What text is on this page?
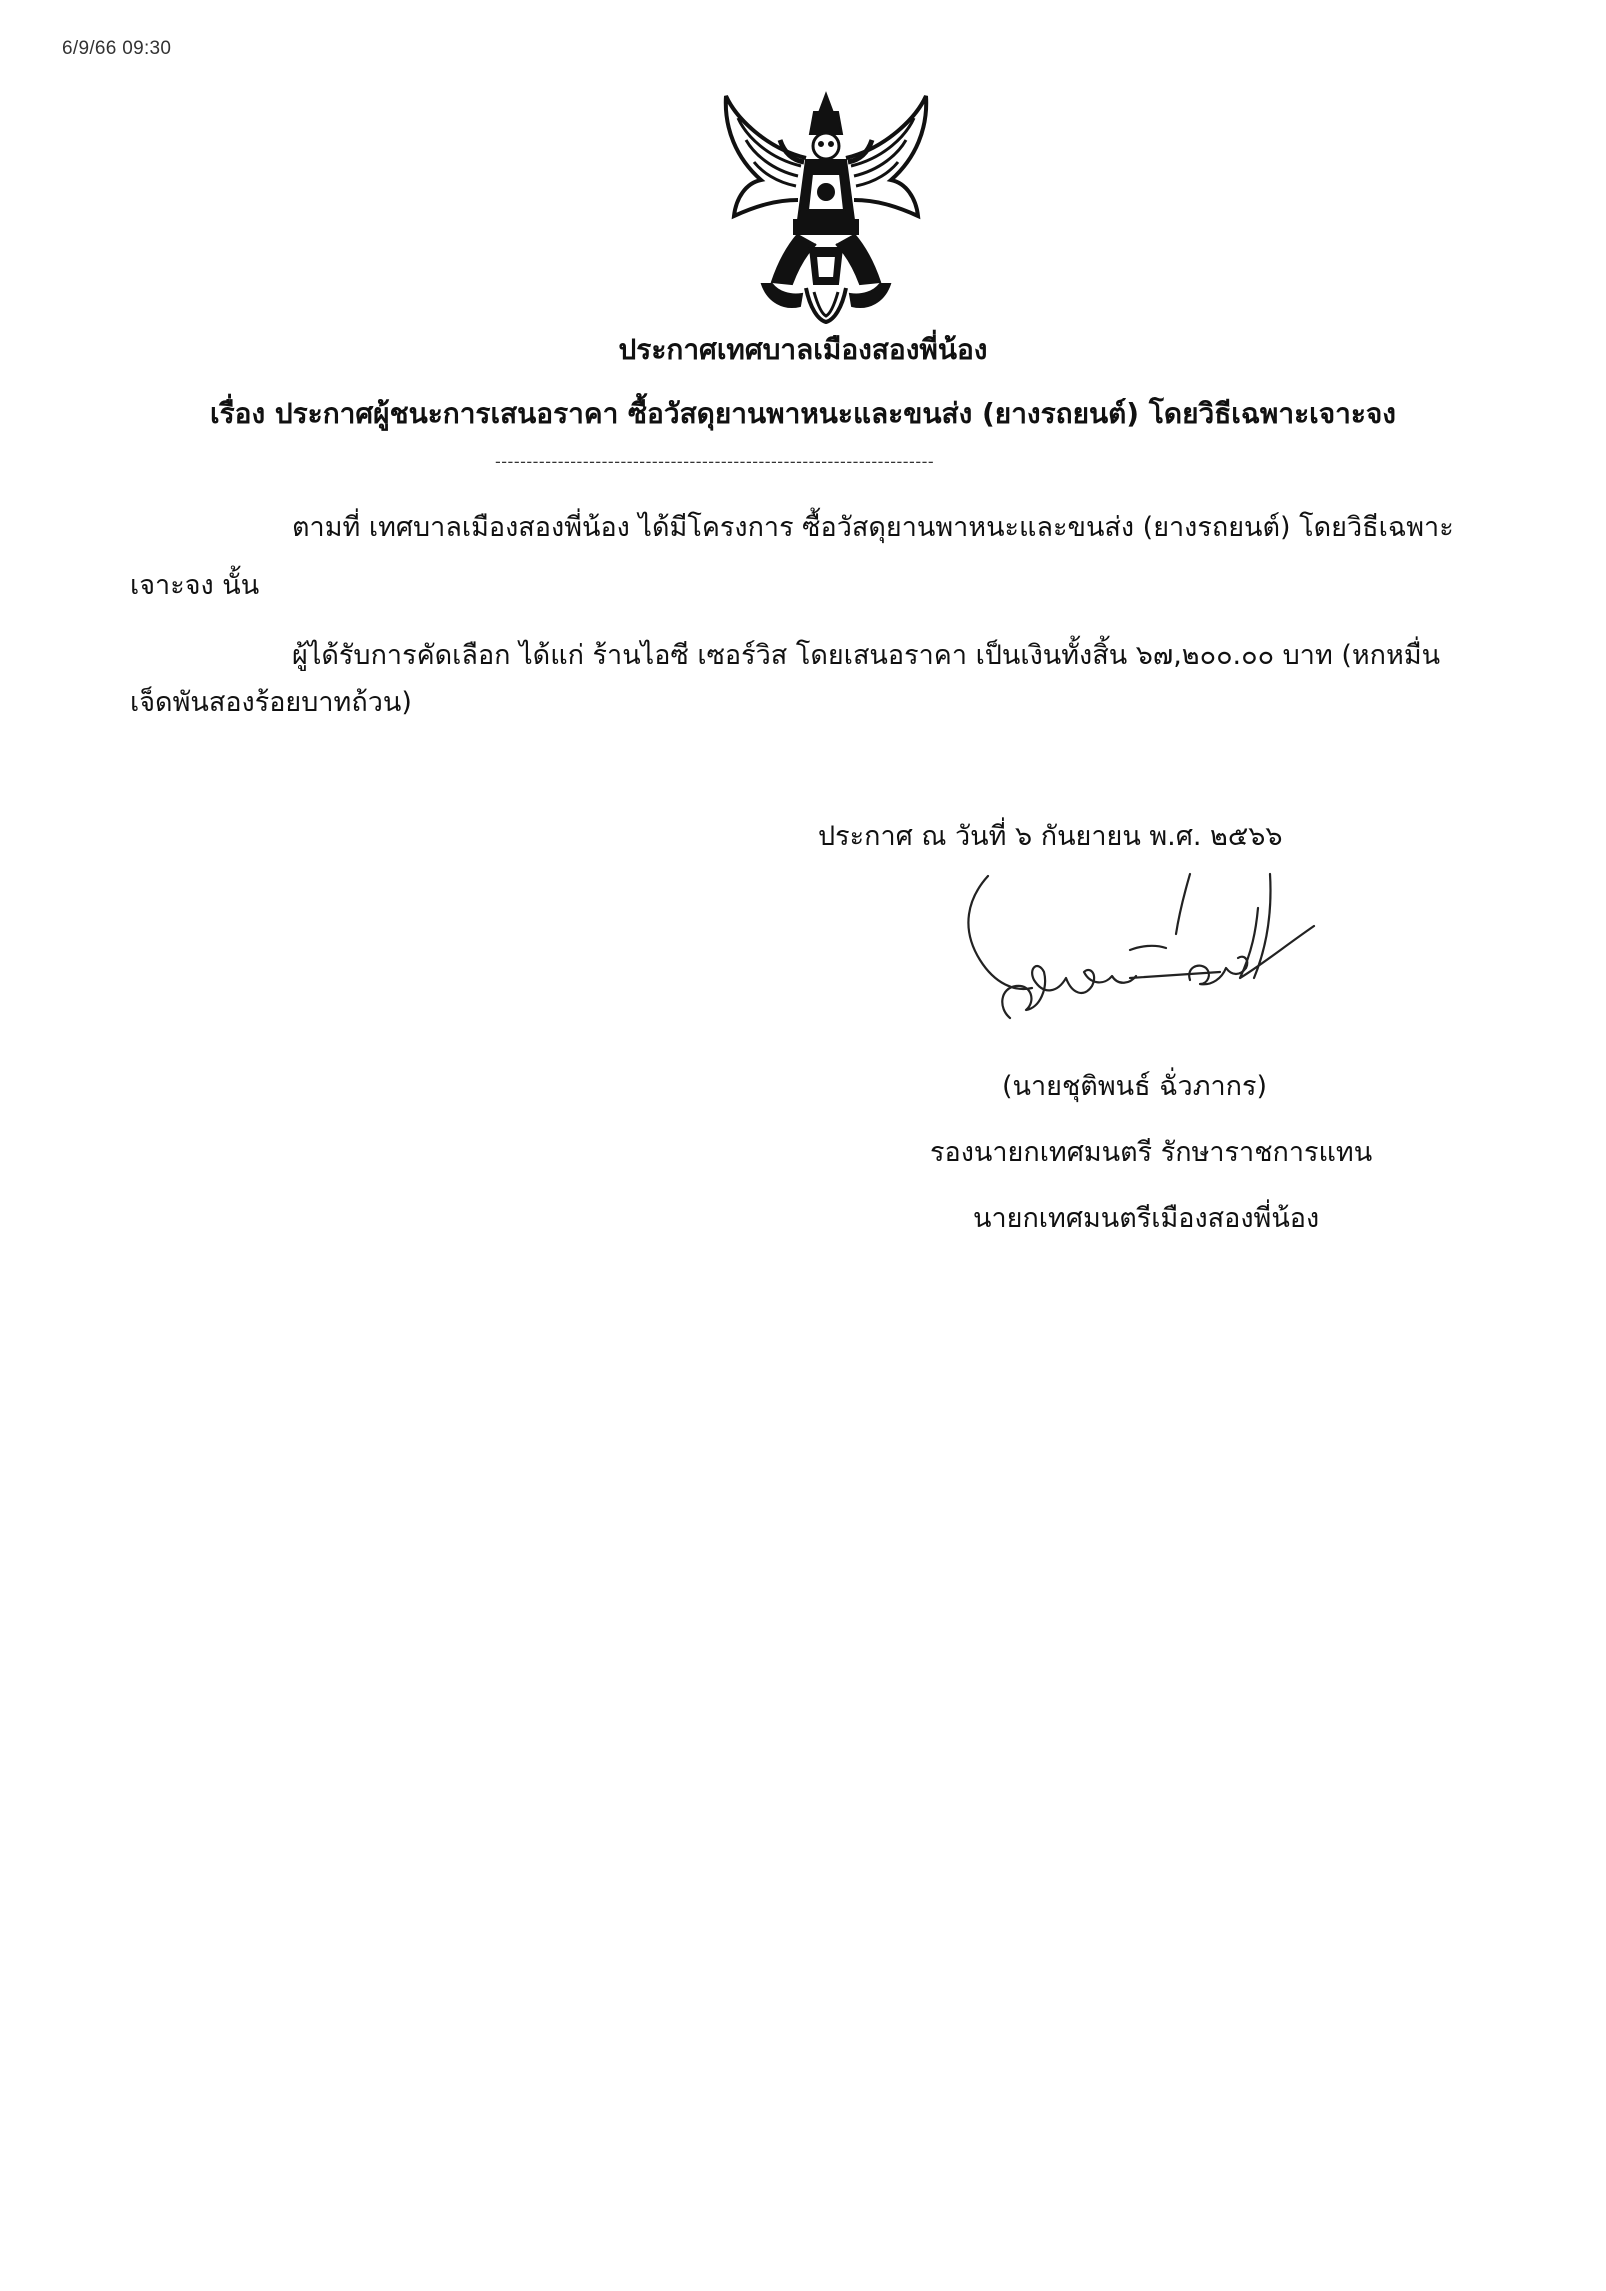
6/9/66 09:30
ประกาศเทศบาลเมืองสองพี่น้อง
เรื่อง ประกาศผู้ชนะการเสนอราคา ซื้อวัสดุยานพาหนะและขนส่ง (ยางรถยนต์) โดยวิธีเฉพาะเจาะจง
----------------------------------------------------------------------
ตามที่ เทศบาลเมืองสองพี่น้อง ได้มีโครงการ ซื้อวัสดุยานพาหนะและขนส่ง (ยางรถยนต์) โดยวิธีเฉพาะ
เจาะจง นั้น
ผู้ได้รับการคัดเลือก ได้แก่ ร้านไอซี เซอร์วิส โดยเสนอราคา เป็นเงินทั้งสิ้น ๖๗,๒๐๐.๐๐ บาท (หกหมื่น
เจ็ดพันสองร้อยบาทถ้วน)
ประกาศ ณ วันที่ ๖ กันยายน พ.ศ. ๒๕๖๖
(นายชุติพนธ์ ฉั่วภากร)
รองนายกเทศมนตรี รักษาราชการแทน
นายกเทศมนตรีเมืองสองพี่น้อง
